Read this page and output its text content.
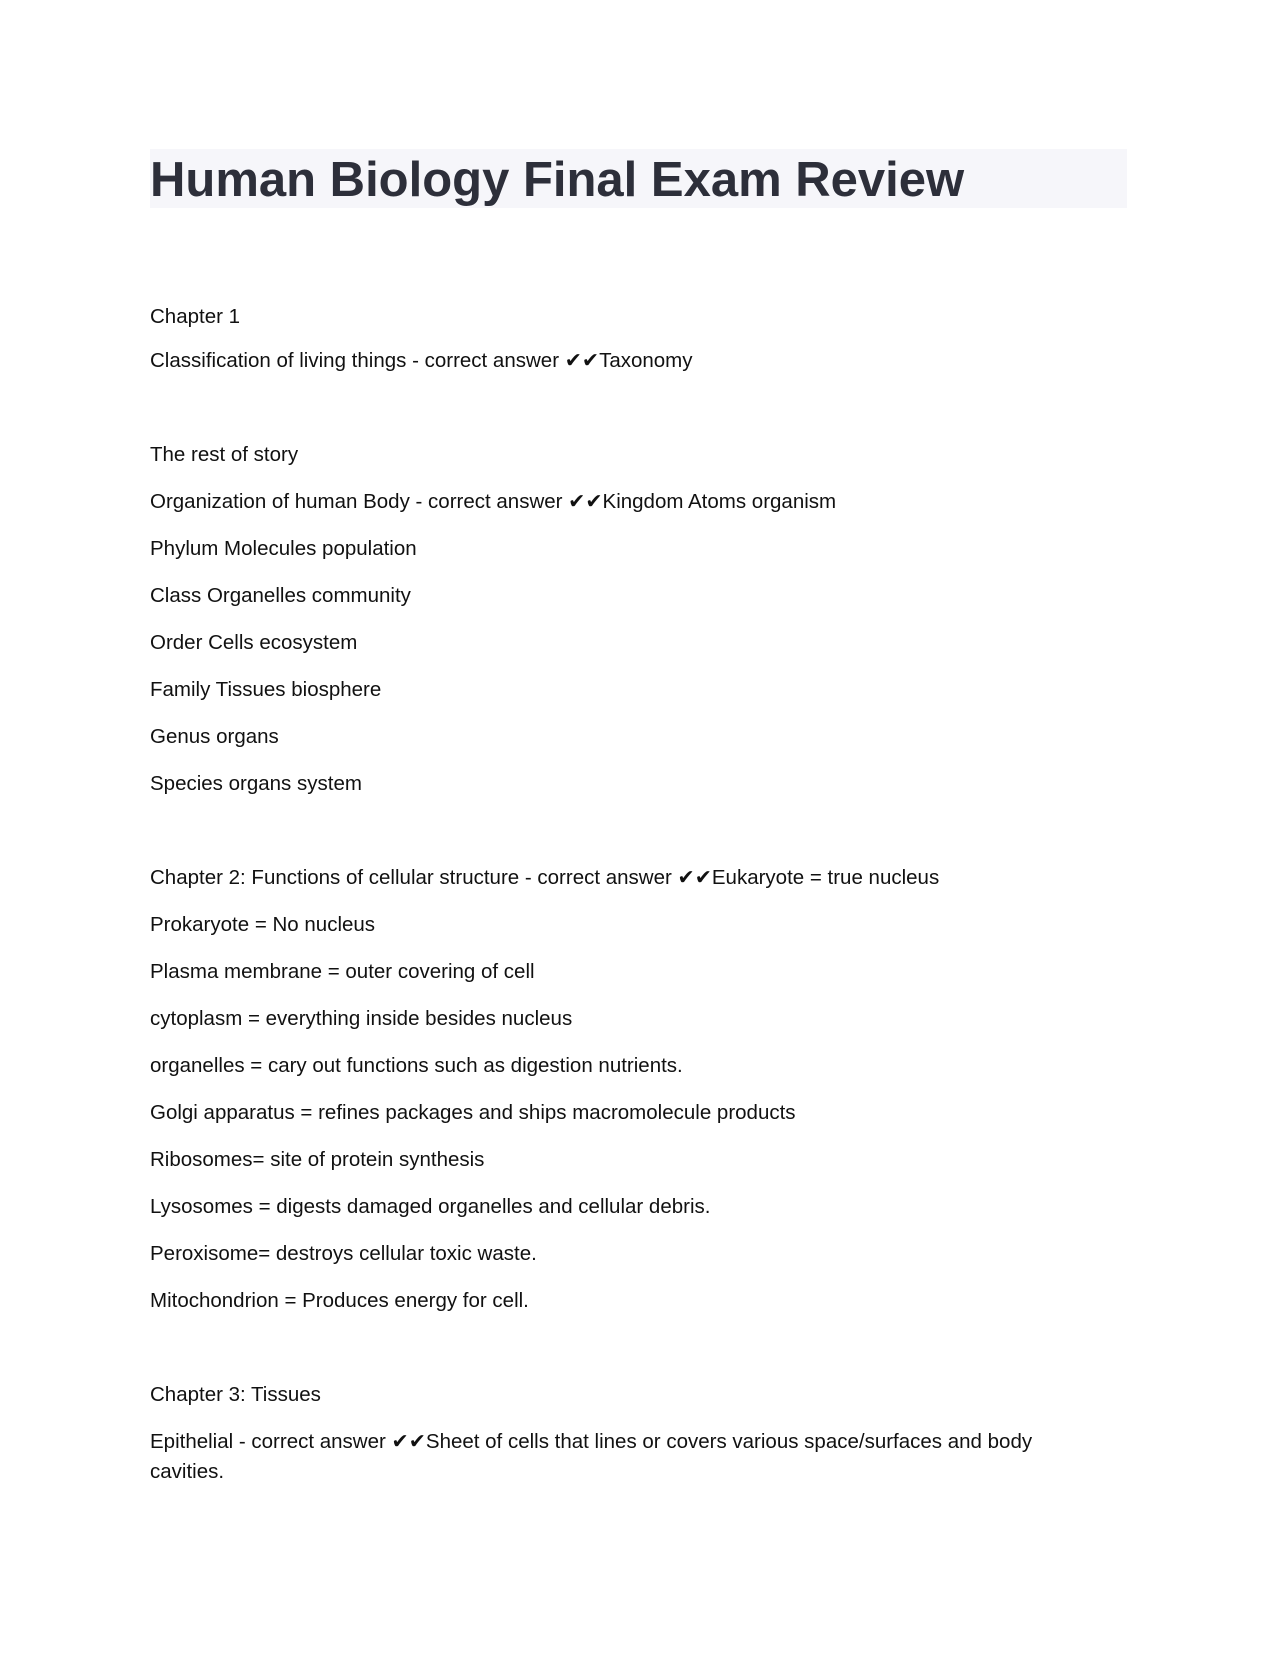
Human Biology Final Exam Review

Chapter 1

Classification of living things - correct answer ✔✔Taxonomy

The rest of story

Organization of human Body - correct answer ✔✔Kingdom Atoms organism

Phylum Molecules population

Class Organelles community

Order Cells ecosystem

Family Tissues biosphere

Genus organs

Species organs system

Chapter 2: Functions of cellular structure - correct answer ✔✔Eukaryote = true nucleus

Prokaryote = No nucleus

Plasma membrane = outer covering of cell

cytoplasm = everything inside besides nucleus

organelles = cary out functions such as digestion nutrients.

Golgi apparatus = refines packages and ships macromolecule products

Ribosomes= site of protein synthesis

Lysosomes = digests damaged organelles and cellular debris.

Peroxisome= destroys cellular toxic waste.

Mitochondrion = Produces energy for cell.

Chapter 3: Tissues

Epithelial - correct answer ✔✔Sheet of cells that lines or covers various space/surfaces and body cavities.
